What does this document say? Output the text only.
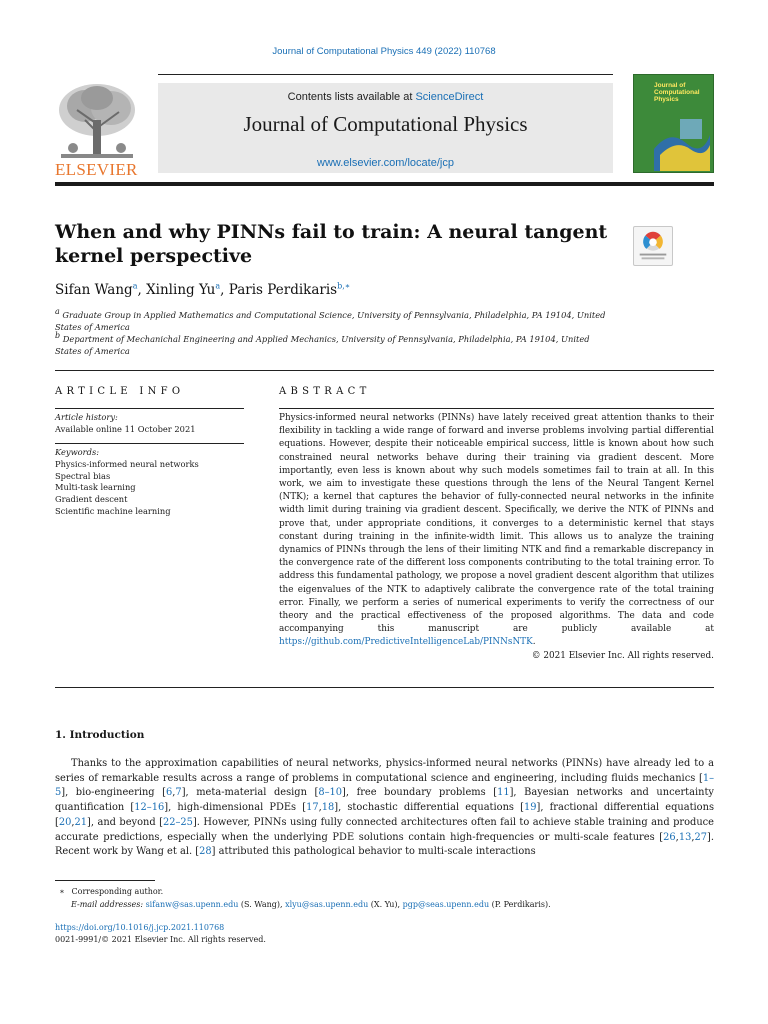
Journal of Computational Physics 449 (2022) 110768
ELSEVIER
Contents lists available at ScienceDirect
Journal of Computational Physics
www.elsevier.com/locate/jcp
Journal of Computational Physics
When and why PINNs fail to train: A neural tangent kernel perspective
Sifan Wang$^a$, Xinling Yu$^a$, Paris Perdikaris$^{b,∗}$
$^a$ Graduate Group in Applied Mathematics and Computational Science, University of Pennsylvania, Philadelphia, PA 19104, United States of America
$^b$ Department of Mechanichal Engineering and Applied Mechanics, University of Pennsylvania, Philadelphia, PA 19104, United States of America
ARTICLE INFO	ABSTRACT
Article history:
Available online 11 October 2021
Keywords:
Physics-informed neural networks
Spectral bias
Multi-task learning
Gradient descent
Scientific machine learning
Physics-informed neural networks (PINNs) have lately received great attention thanks to their flexibility in tackling a wide range of forward and inverse problems involving partial differential equations. However, despite their noticeable empirical success, little is known about how such constrained neural networks behave during their training via gradient descent. More importantly, even less is known about why such models sometimes fail to train at all. In this work, we aim to investigate these questions through the lens of the Neural Tangent Kernel (NTK); a kernel that captures the behavior of fully-connected neural networks in the infinite width limit during training via gradient descent. Specifically, we derive the NTK of PINNs and prove that, under appropriate conditions, it converges to a deterministic kernel that stays constant during training in the infinite-width limit. This allows us to analyze the training dynamics of PINNs through the lens of their limiting NTK and find a remarkable discrepancy in the convergence rate of the different loss components contributing to the total training error. To address this fundamental pathology, we propose a novel gradient descent algorithm that utilizes the eigenvalues of the NTK to adaptively calibrate the convergence rate of the total training error. Finally, we perform a series of numerical experiments to verify the correctness of our theory and the practical effectiveness of the proposed algorithms. The data and code accompanying this manuscript are publicly available at https://github.com/PredictiveIntelligenceLab/PINNsNTK.
© 2021 Elsevier Inc. All rights reserved.
1. Introduction

Thanks to the approximation capabilities of neural networks, physics-informed neural networks (PINNs) have already led to a series of remarkable results across a range of problems in computational science and engineering, including fluids mechanics [1–5], bio-engineering [6,7], meta-material design [8–10], free boundary problems [11], Bayesian networks and uncertainty quantification [12–16], high-dimensional PDEs [17,18], stochastic differential equations [19], fractional differential equations [20,21], and beyond [22–25]. However, PINNs using fully connected architectures often fail to achieve stable training and produce accurate predictions, especially when the underlying PDE solutions contain high-frequencies or multi-scale features [26,13,27]. Recent work by Wang et al. [28] attributed this pathological behavior to multi-scale interactions

∗ Corresponding author.
E-mail addresses: sifanw@sas.upenn.edu (S. Wang), xlyu@sas.upenn.edu (X. Yu), pgp@seas.upenn.edu (P. Perdikaris).
https://doi.org/10.1016/j.jcp.2021.110768
0021-9991/© 2021 Elsevier Inc. All rights reserved.
